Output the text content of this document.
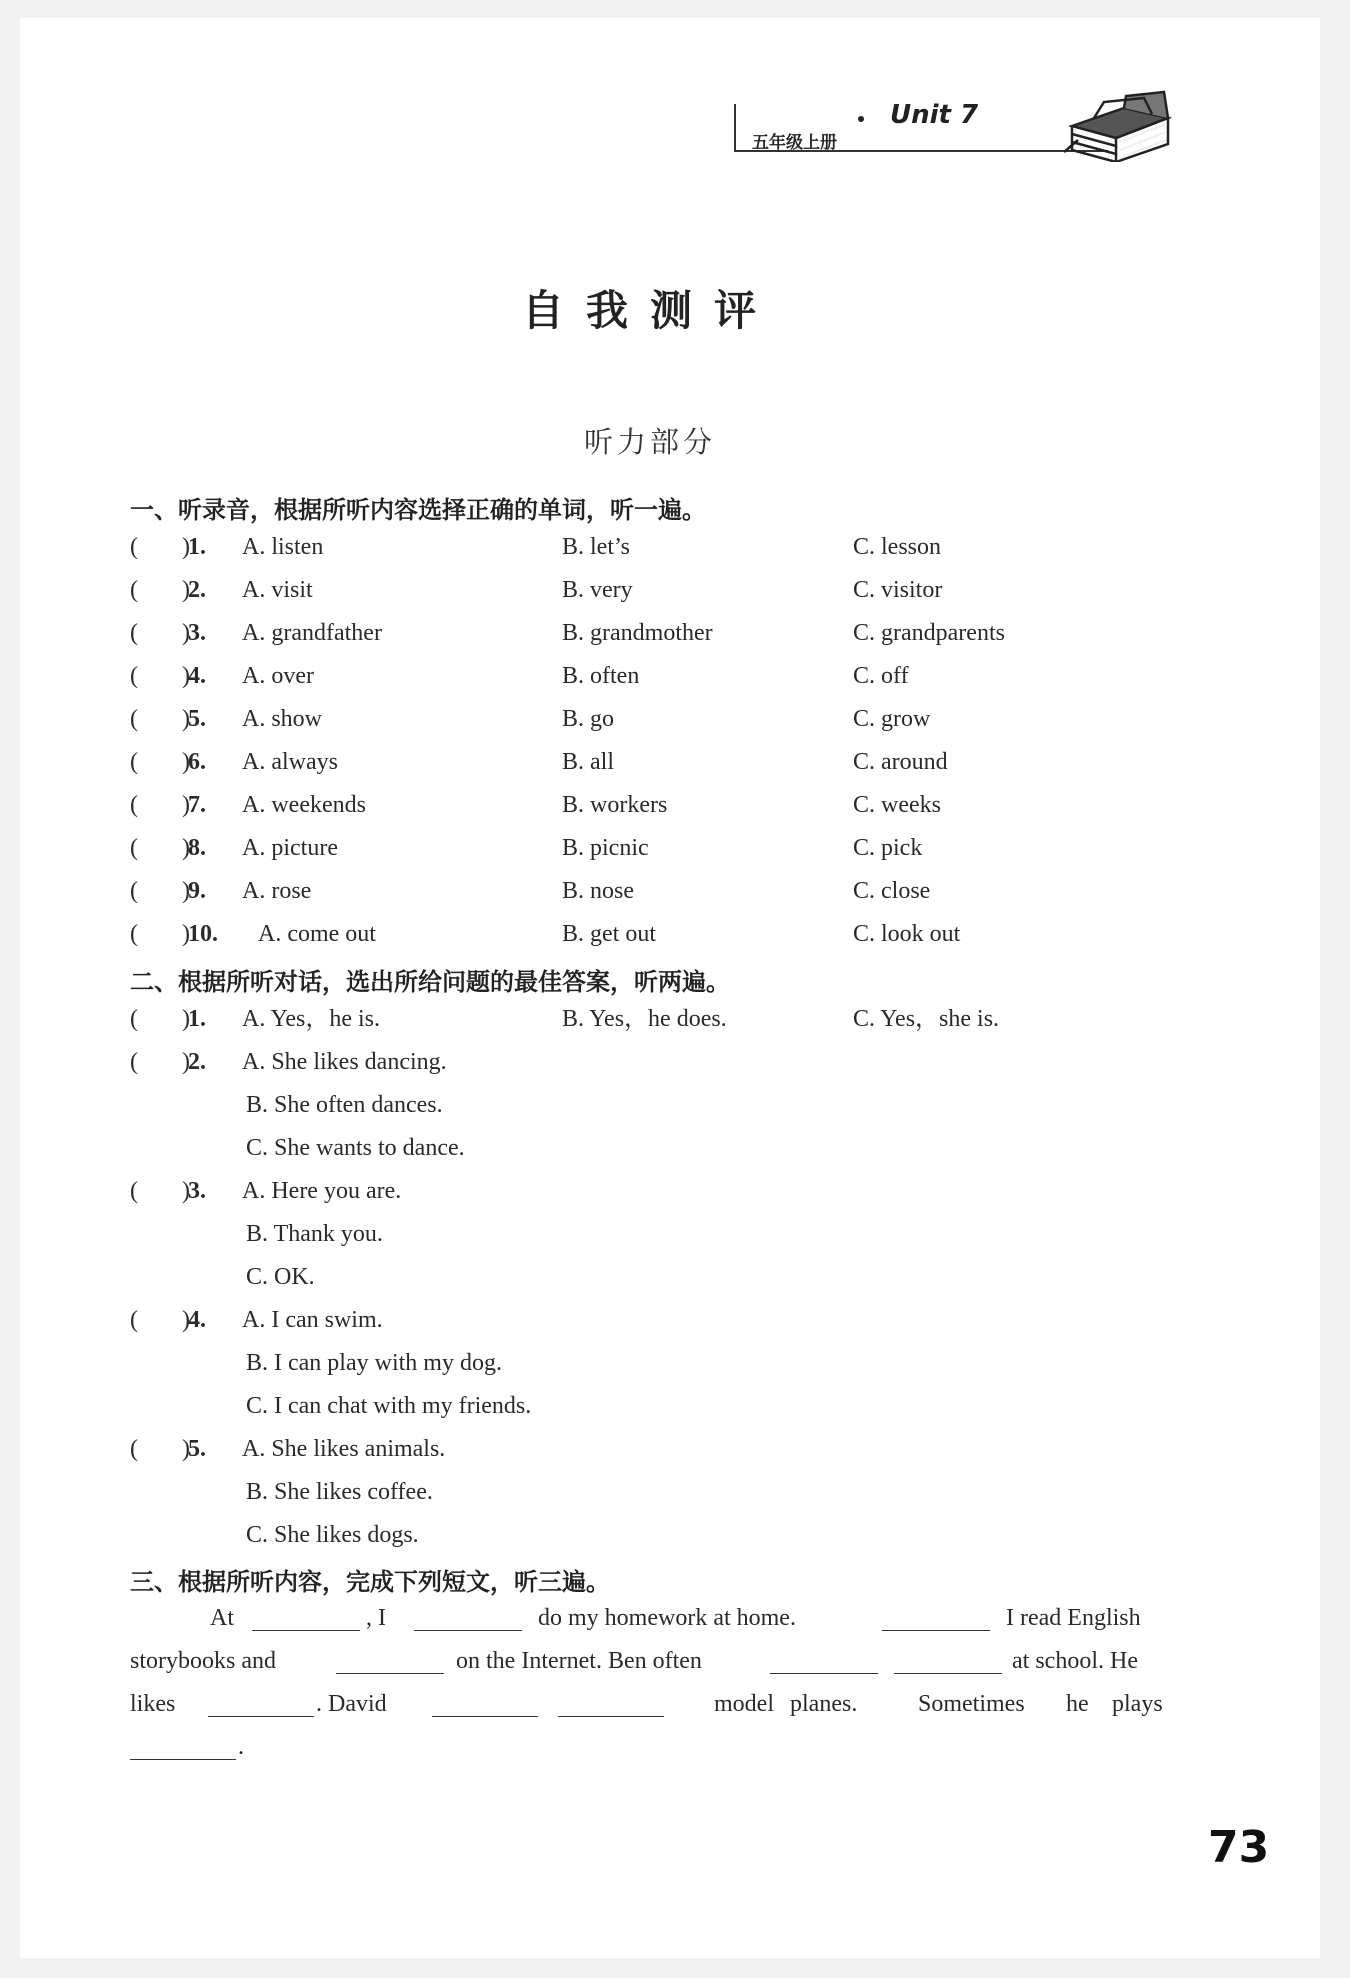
五年级上册
Unit 7
自我测评
听力部分
一、听录音，根据所听内容选择正确的单词，听一遍。
( )
1. A. listen	B. let’s	C. lesson
( )
2. A. visit	B. very	C. visitor
( )
3. A. grandfather	B. grandmother	C. grandparents
( )
4. A. over	B. often	C. off
( )
5. A. show	B. go	C. grow
( )
6. A. always	B. all	C. around
( )
7. A. weekends	B. workers	C. weeks
( )
8. A. picture	B. picnic	C. pick
( )
9. A. rose	B. nose	C. close
( )
10. A. come out	B. get out	C. look out
二、根据所听对话，选出所给问题的最佳答案，听两遍。
( )
1. A. Yes，he is.	B. Yes，he does.	C. Yes，she is.
( )
2. A. She likes dancing.
B. She often dances.
C. She wants to dance.
( )
3. A. Here you are.
B. Thank you.
C. OK.
( )
4. A. I can swim.
B. I can play with my dog.
C. I can chat with my friends.
( )
5. A. She likes animals.
B. She likes coffee.
C. She likes dogs.
三、根据所听内容，完成下列短文，听三遍。
At	, I	do my homework at home.	I read English
storybooks and	on the Internet. Ben often	at school. He
likes	. David	model planes.	Sometimes he plays
.
73
